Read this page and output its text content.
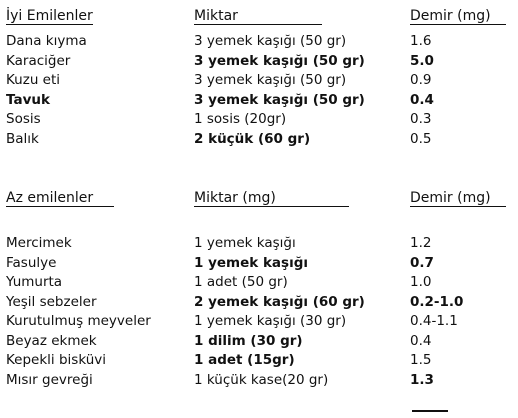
İyi Emilenler	Miktar	Demir (mg)
Dana kıyma	3 yemek kaşığı (50 gr)	1.6
Karaciğer	3 yemek kaşığı (50 gr)	5.0
Kuzu eti	3 yemek kaşığı (50 gr)	0.9
Tavuk	3 yemek kaşığı (50 gr)	0.4
Sosis	1 sosis (20gr)	0.3
Balık	2 küçük (60 gr)	0.5
Az emilenler	Miktar (mg)	Demir (mg)
Mercimek	1 yemek kaşığı	1.2
Fasulye	1 yemek kaşığı	0.7
Yumurta	1 adet (50 gr)	1.0
Yeşil sebzeler	2 yemek kaşığı (60 gr)	0.2-1.0
Kurutulmuş meyveler	1 yemek kaşığı (30 gr)	0.4-1.1
Beyaz ekmek	1 dilim (30 gr)	0.4
Kepekli bisküvi	1 adet (15gr)	1.5
Mısır gevreği	1 küçük kase(20 gr)	1.3
